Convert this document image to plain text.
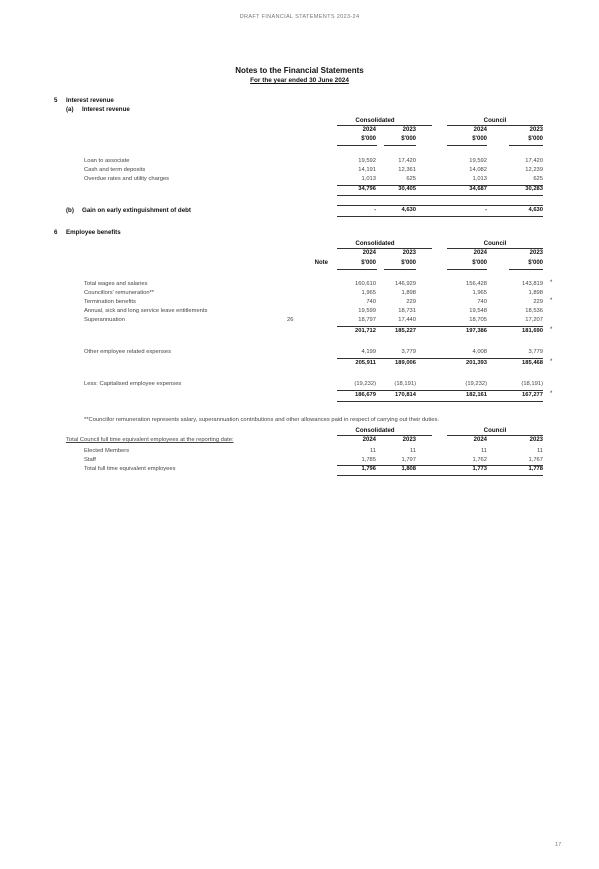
DRAFT FINANCIAL STATEMENTS 2023-24
Notes to the Financial Statements
For the year ended 30 June 2024
5 Interest revenue
(a) Interest revenue
Consolidated	Council
2024	2023	2024	2023
$'000	$'000	$'000	$'000
Loan to associate	19,592	17,420	19,592	17,420
Cash and term deposits	14,191	12,361	14,082	12,239
Overdue rates and utility charges	1,013	625	1,013	625
34,796	30,405	34,687	30,283
(b) Gain on early extinguishment of debt	-	4,630	-	4,630
6 Employee benefits
Consolidated	Council
2024	2023	2024	2023
Note	$'000	$'000	$'000	$'000
Total wages and salaries	160,610	146,929	156,428	143,819 *
Councillors' remuneration**	1,965	1,898	1,965	1,898
Termination benefits	740	229	740	229 *
Annual, sick and long service leave entitlements	19,599	18,731	19,548	18,536
Superannuation	26	18,797	17,440	18,705	17,207
201,712	185,227	197,386	181,690 *
Other employee related expenses	4,199	3,779	4,008	3,779
205,911	189,006	201,393	185,468 *
Less: Capitalised employee expenses	(19,232)	(18,191)	(19,232)	(18,191)
186,679	170,814	182,161	167,277 *
**Councillor remuneration represents salary, superannuation contributions and other allowances paid in respect of carrying out their duties.
Consolidated	Council
Total Council full time equivalent employees at the reporting date:	2024	2023	2024	2023
Elected Members	11	11	11	11
Staff	1,785	1,797	1,762	1,767
Total full time equivalent employees	1,796	1,808	1,773	1,778
17
